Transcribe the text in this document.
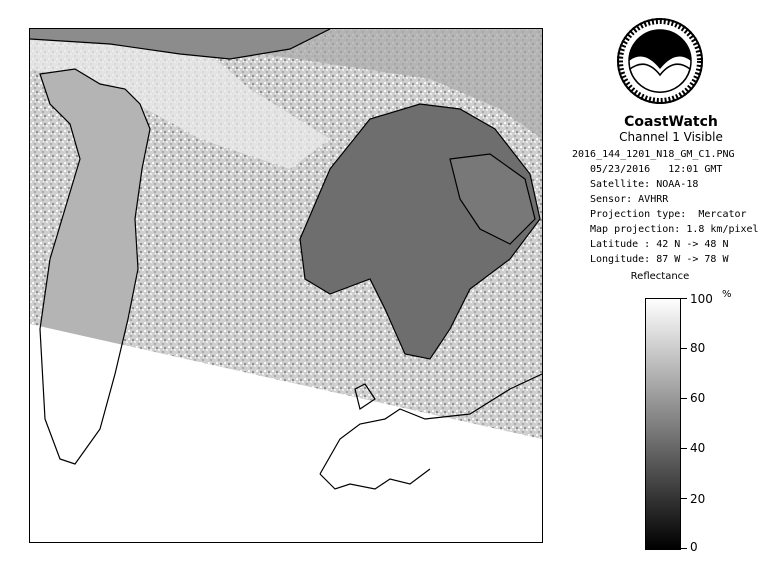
CoastWatch
Channel 1 Visible
2016_144_1201_N18_GM_C1.PNG
05/23/2016   12:01 GMT
Satellite: NOAA-18
Sensor: AVHRR
Projection type:  Mercator
Map projection: 1.8 km/pixel
Latitude : 42 N -> 48 N
Longitude: 87 W -> 78 W
Reflectance
%
100
80
60
40
20
0
